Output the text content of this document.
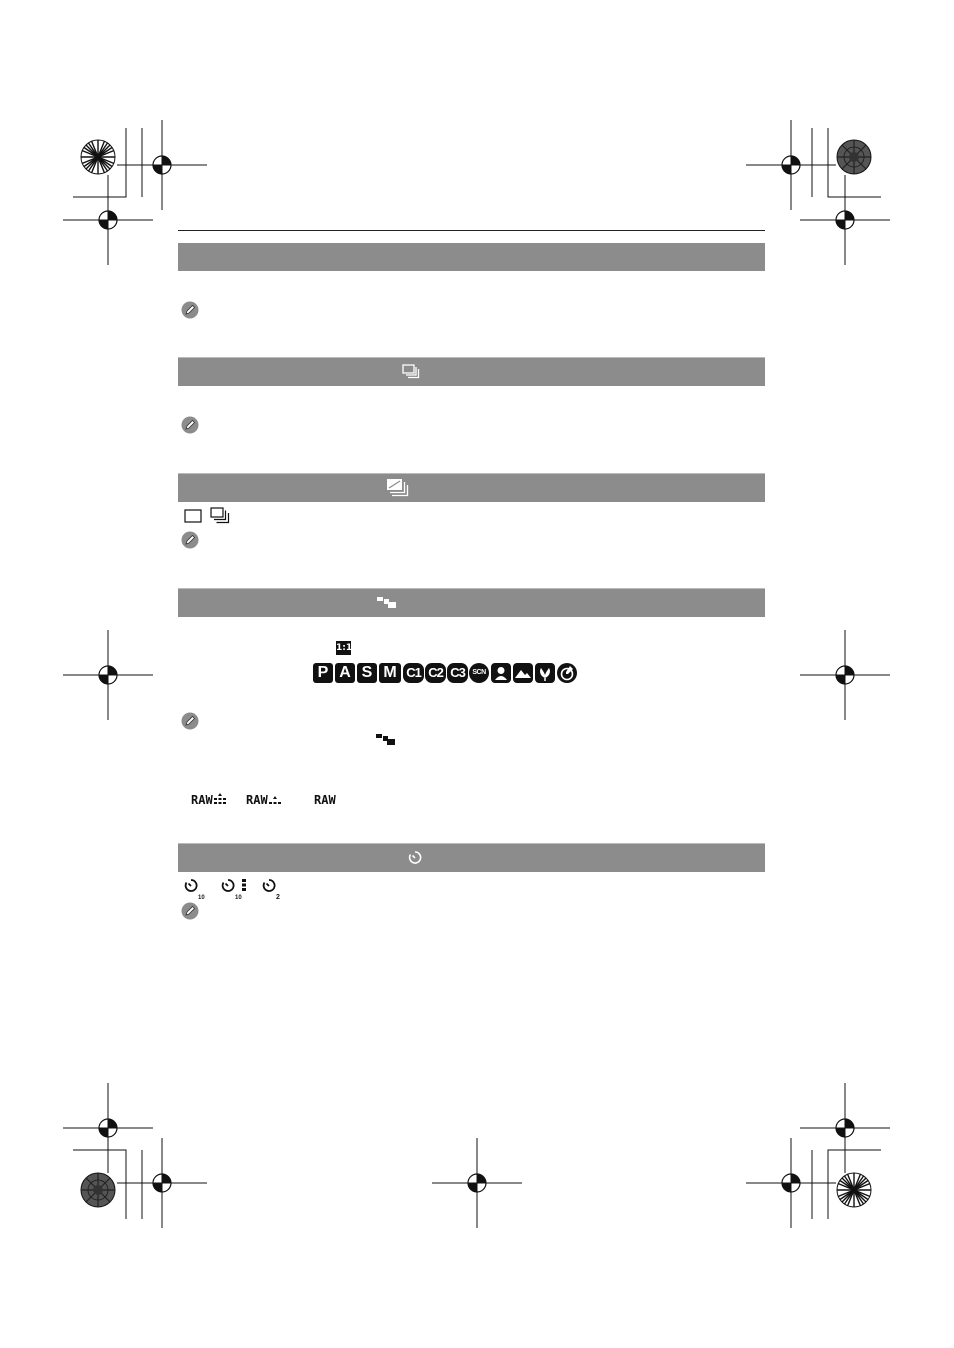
1:1
P A S M C1 C2 C3	SCN
RAW	RAW	RAW
$_{10}$	$_{10}$	$_2$
